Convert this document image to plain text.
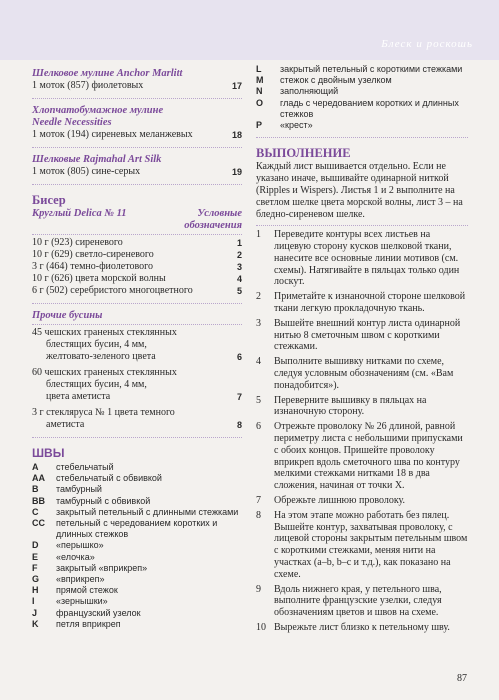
Блеск и роскошь
Шелковое мулине Anchor Marlitt
1 моток (857) фиолетовых	17
Хлопчатобумажное мулине Needle Necessities
1 моток (194) сиреневых меланжевых	18
Шелковые Rajmahal Art Silk
1 моток (805) сине-серых	19
Бисер
Круглый Delica № 11	Условные обозначения
10 г (923) сиреневого	1
10 г (629) светло-сиреневого	2
3 г (464) темно-фиолетового	3
10 г (626) цвета морской волны	4
6 г (502) серебристого многоцветного	5
Прочие бусины
45 чешских граненых стеклянных
блестящих бусин, 4 мм,
желтовато-зеленого цвета	6
60 чешских граненых стеклянных
блестящих бусин, 4 мм,
цвета аметиста	7
3 г стеклярусa № 1 цвета темного
аметиста	8
ШВЫ
A	стебельчатый
AA	стебельчатый с обвивкой
B	тамбурный
BB	тамбурный с обвивкой
C	закрытый петельный с длинными стежками
CC	петельный с чередованием коротких и длинных стежков
D	«перышко»
E	«елочка»
F	закрытый «вприкреп»
G	«вприкреп»
H	прямой стежок
I	«зернышки»
J	французский узелок
K	петля вприкреп
L	закрытый петельный с короткими стежками
M	стежок с двойным узелком
N	заполняющий
O	гладь с чередованием коротких и длинных стежков
P	«крест»
ВЫПОЛНЕНИЕ
Каждый лист вышивается отдельно. Если не указано иначе, вышивайте одинарной ниткой (Ripples и Wispers). Листья 1 и 2 выполните на светлом шелке цвета морской волны, лист 3 – на бледно-сиреневом шелке.
1	Переведите контуры всех листьев на лицевую сторону кусков шелковой ткани, нанесите все основные линии мотивов (см. схемы). Натягивайте в пяльцах только один лоскут.
2	Приметайте к изнаночной стороне шелковой ткани легкую прокладочную ткань.
3	Вышейте внешний контур листа одинарной нитью 8 сметочным швом с короткими стежками.
4	Выполните вышивку нитками по схеме, следуя условным обозначениям (см. «Вам понадобится»).
5	Переверните вышивку в пяльцах на изнаночную сторону.
6	Отрежьте проволоку № 26 длиной, равной периметру листа с небольшими припусками с обоих концов. Пришейте проволоку вприкреп вдоль сметочного шва по контуру мелкими стежками нитками 18 в два сложения, начиная от точки X.
7	Обрежьте лишнюю проволоку.
8	На этом этапе можно работать без пялец. Вышейте контур, захватывая проволоку, с лицевой стороны закрытым петельным швом с короткими стежками, меняя нити на участках (a–b, b–c и т.д.), как показано на схеме.
9	Вдоль нижнего края, у петельного шва, выполните французские узелки, следуя обозначениям цветов и швов на схеме.
10 Вырежьте лист близко к петельному шву.
87
